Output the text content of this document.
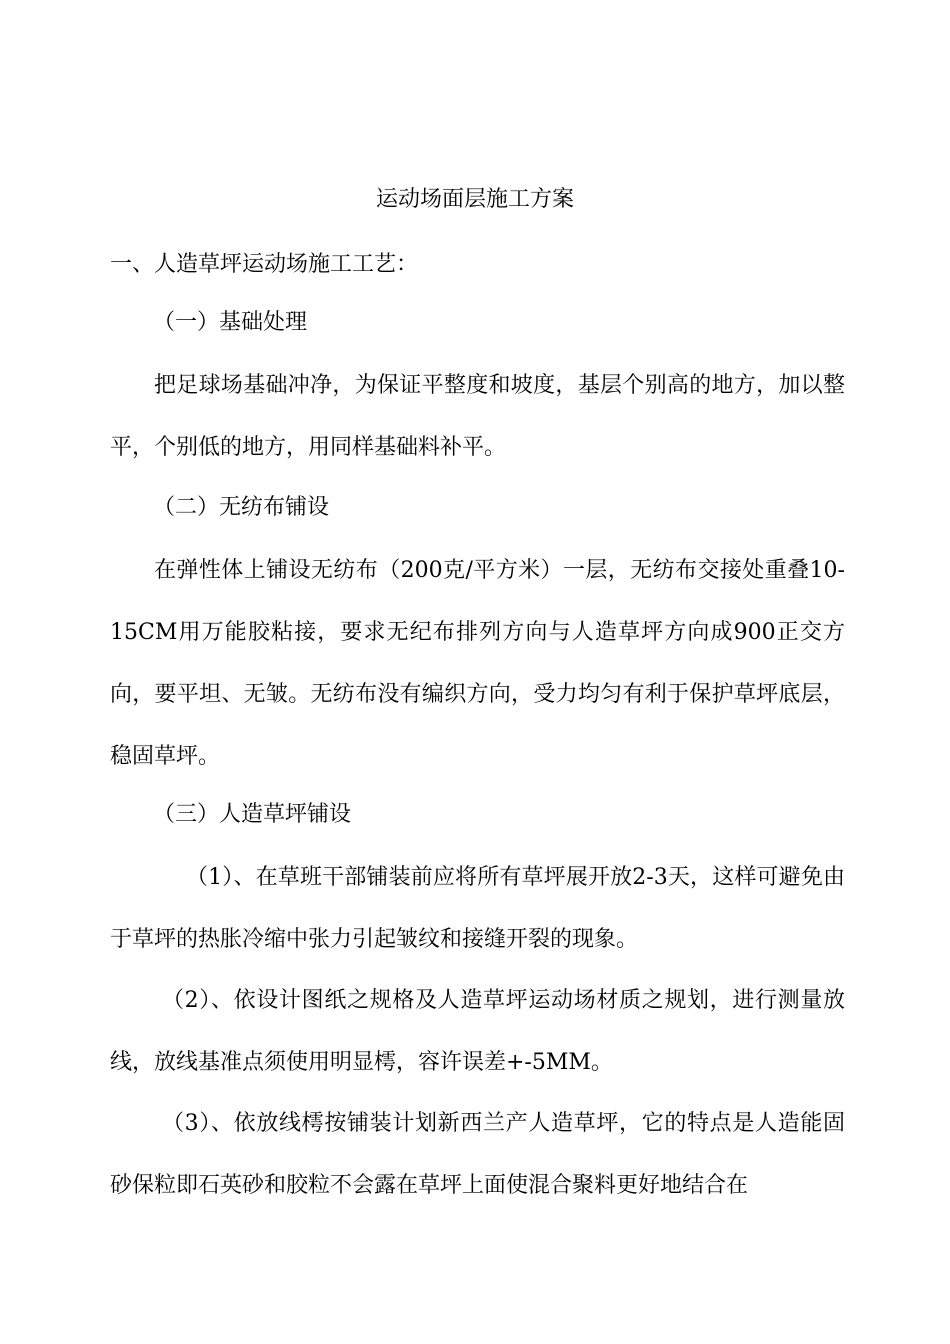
运动场面层施工方案
一、人造草坪运动场施工工艺：
（一）基础处理

把足球场基础冲净，为保证平整度和坡度，基层个别高的地方，加以整平，个别低的地方，用同样基础料补平。

（二）无纺布铺设

在弹性体上铺设无纺布（200克/平方米）一层，无纺布交接处重叠10-15CM用万能胶粘接，要求无纪布排列方向与人造草坪方向成900正交方向，要平坦、无皱。无纺布没有编织方向，受力均匀有利于保护草坪底层，稳固草坪。

（三）人造草坪铺设

（1）、在草班干部铺装前应将所有草坪展开放2-3天，这样可避免由于草坪的热胀冷缩中张力引起皱纹和接缝开裂的现象。

（2）、依设计图纸之规格及人造草坪运动场材质之规划，进行测量放线，放线基准点须使用明显樗，容许误差+-5MM。

（3）、依放线樗按铺装计划新西兰产人造草坪，它的特点是人造能固砂保粒即石英砂和胶粒不会露在草坪上面使混合聚料更好地结合在
